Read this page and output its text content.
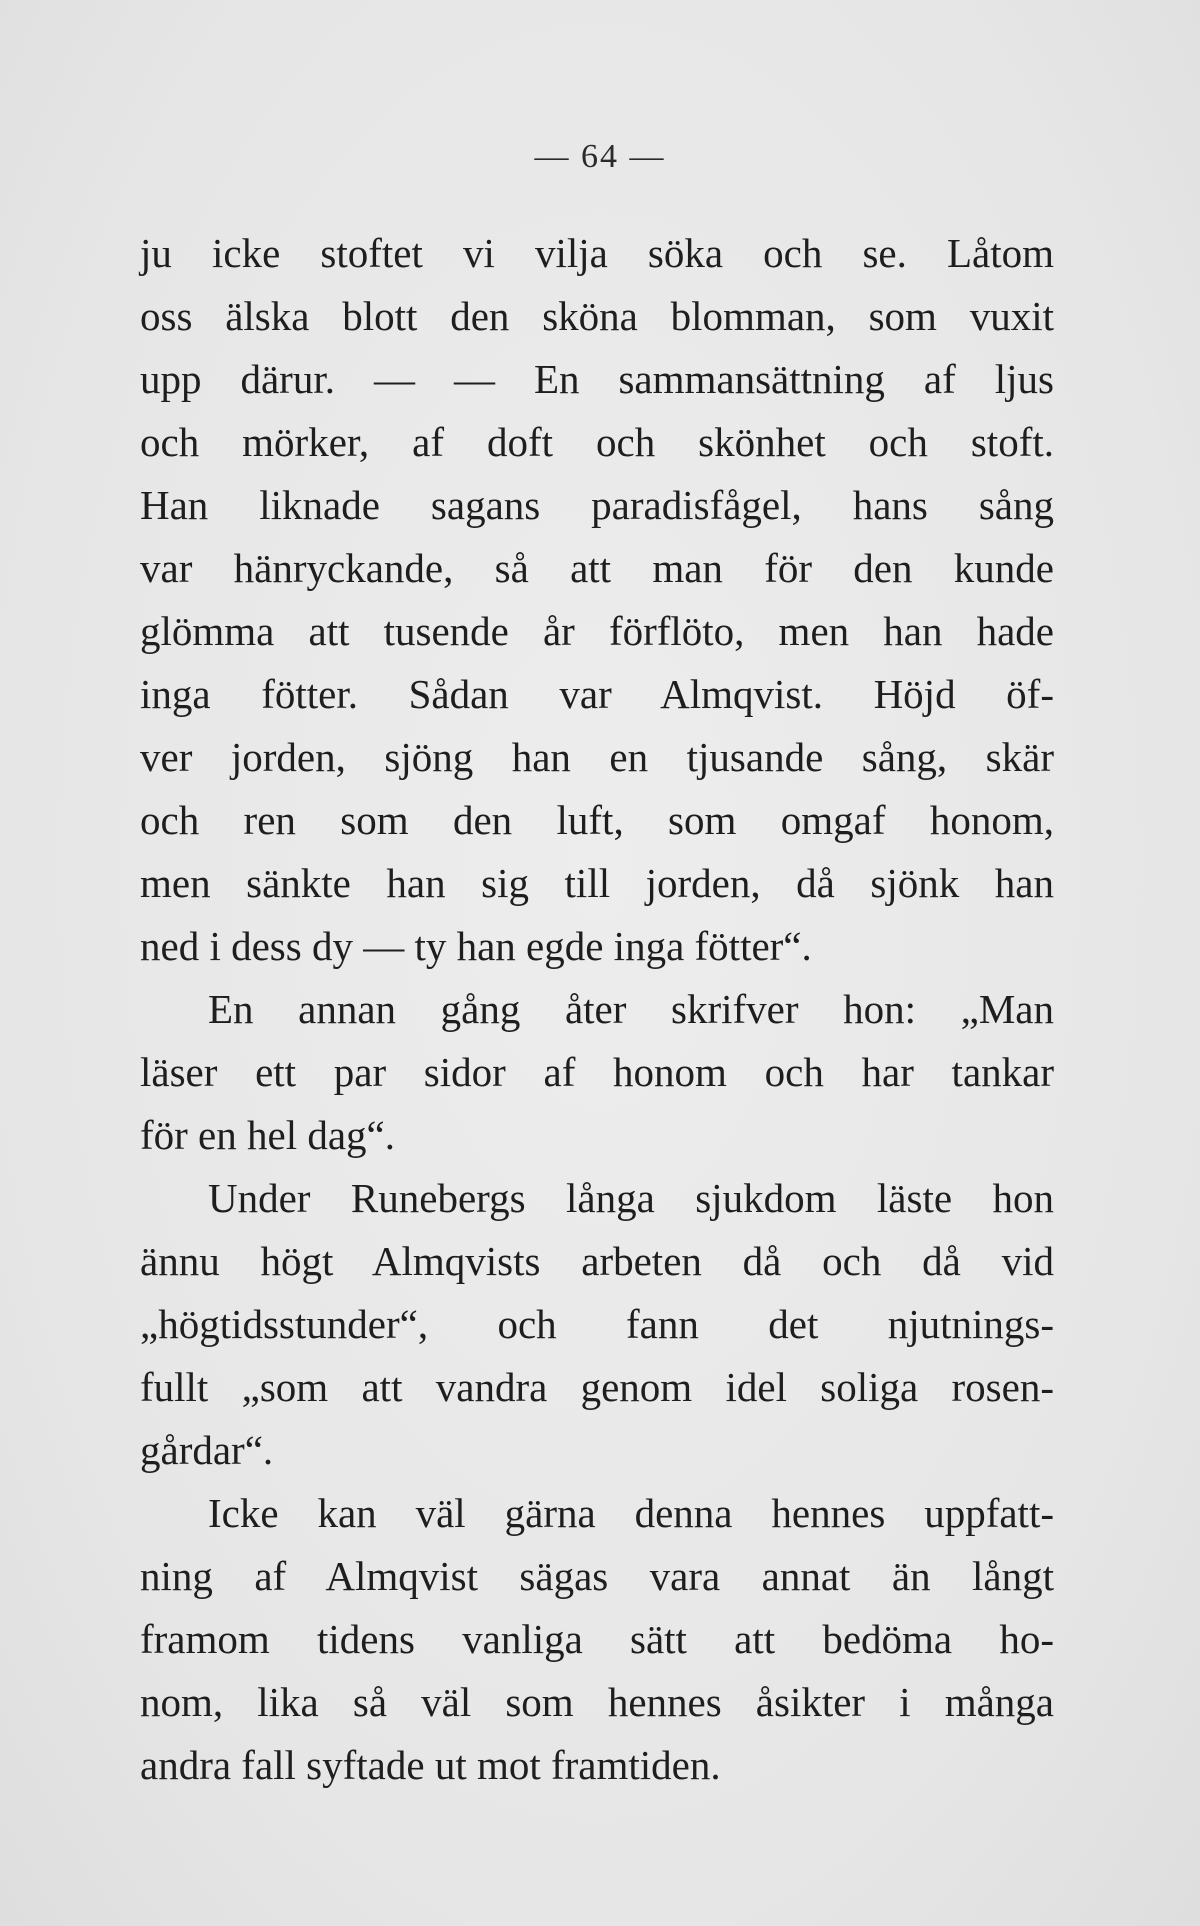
— 64 —
ju icke stoftet vi vilja söka och se. Låtom
oss älska blott den sköna blomman, som vuxit
upp därur. — — En sammansättning af ljus
och mörker, af doft och skönhet och stoft.
Han liknade sagans paradisfågel, hans sång
var hänryckande, så att man för den kunde
glömma att tusende år förflöto, men han hade
inga fötter. Sådan var Almqvist. Höjd öf-
ver jorden, sjöng han en tjusande sång, skär
och ren som den luft, som omgaf honom,
men sänkte han sig till jorden, då sjönk han
ned i dess dy — ty han egde inga fötter“.
En annan gång åter skrifver hon: „Man
läser ett par sidor af honom och har tankar
för en hel dag“.
Under Runebergs långa sjukdom läste hon
ännu högt Almqvists arbeten då och då vid
„högtidsstunder“, och fann det njutnings-
fullt „som att vandra genom idel soliga rosen-
gårdar“.
Icke kan väl gärna denna hennes uppfatt-
ning af Almqvist sägas vara annat än långt
framom tidens vanliga sätt att bedöma ho-
nom, lika så väl som hennes åsikter i många
andra fall syftade ut mot framtiden.
